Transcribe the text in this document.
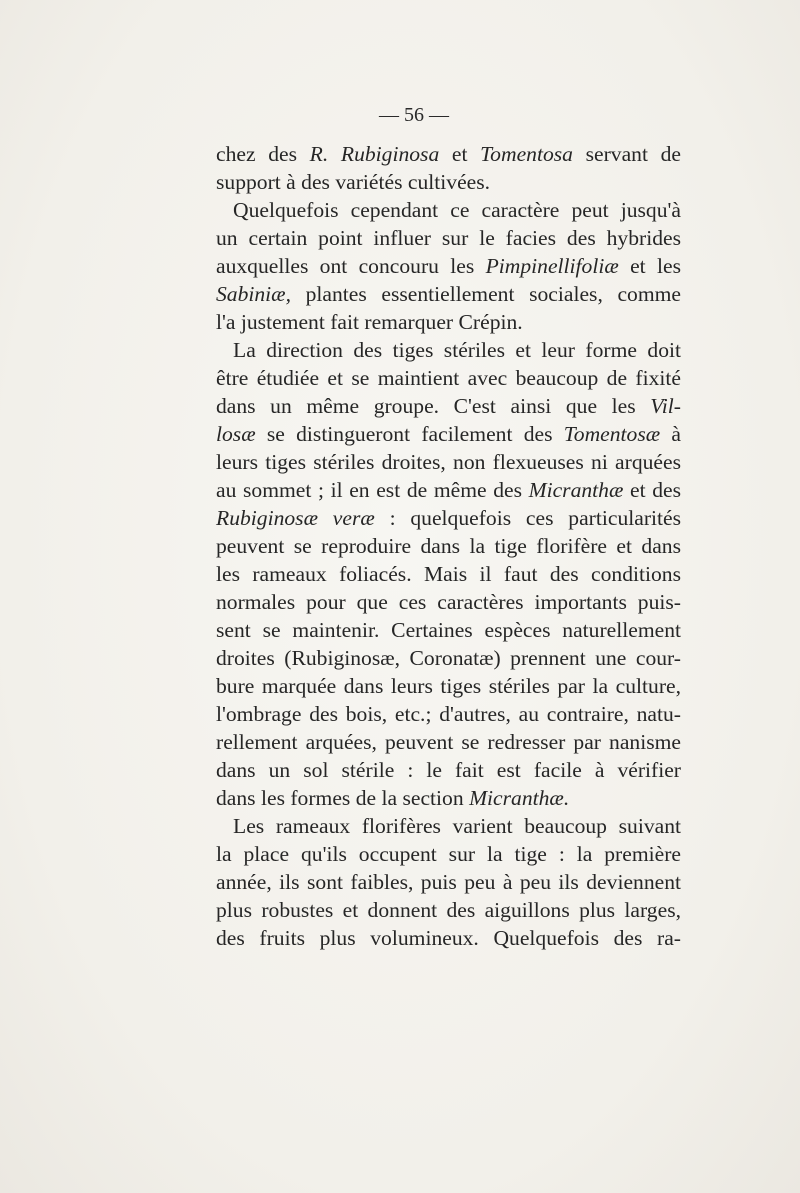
— 56 —
chez des R. Rubiginosa et Tomentosa servant de
support à des variétés cultivées.
Quelquefois cependant ce caractère peut jusqu'à
un certain point influer sur le facies des hybrides
auxquelles ont concouru les Pimpinellifoliæ et les
Sabiniæ, plantes essentiellement sociales, comme
l'a justement fait remarquer Crépin.
La direction des tiges stériles et leur forme doit
être étudiée et se maintient avec beaucoup de fixité
dans un même groupe. C'est ainsi que les Vil-
losæ se distingueront facilement des Tomentosæ à
leurs tiges stériles droites, non flexueuses ni arquées
au sommet ; il en est de même des Micranthæ et des
Rubiginosæ veræ : quelquefois ces particularités
peuvent se reproduire dans la tige florifère et dans
les rameaux foliacés. Mais il faut des conditions
normales pour que ces caractères importants puis-
sent se maintenir. Certaines espèces naturellement
droites (Rubiginosæ, Coronatæ) prennent une cour-
bure marquée dans leurs tiges stériles par la culture,
l'ombrage des bois, etc.; d'autres, au contraire, natu-
rellement arquées, peuvent se redresser par nanisme
dans un sol stérile : le fait est facile à vérifier
dans les formes de la section Micranthæ.
Les rameaux florifères varient beaucoup suivant
la place qu'ils occupent sur la tige : la première
année, ils sont faibles, puis peu à peu ils deviennent
plus robustes et donnent des aiguillons plus larges,
des fruits plus volumineux. Quelquefois des ra-
